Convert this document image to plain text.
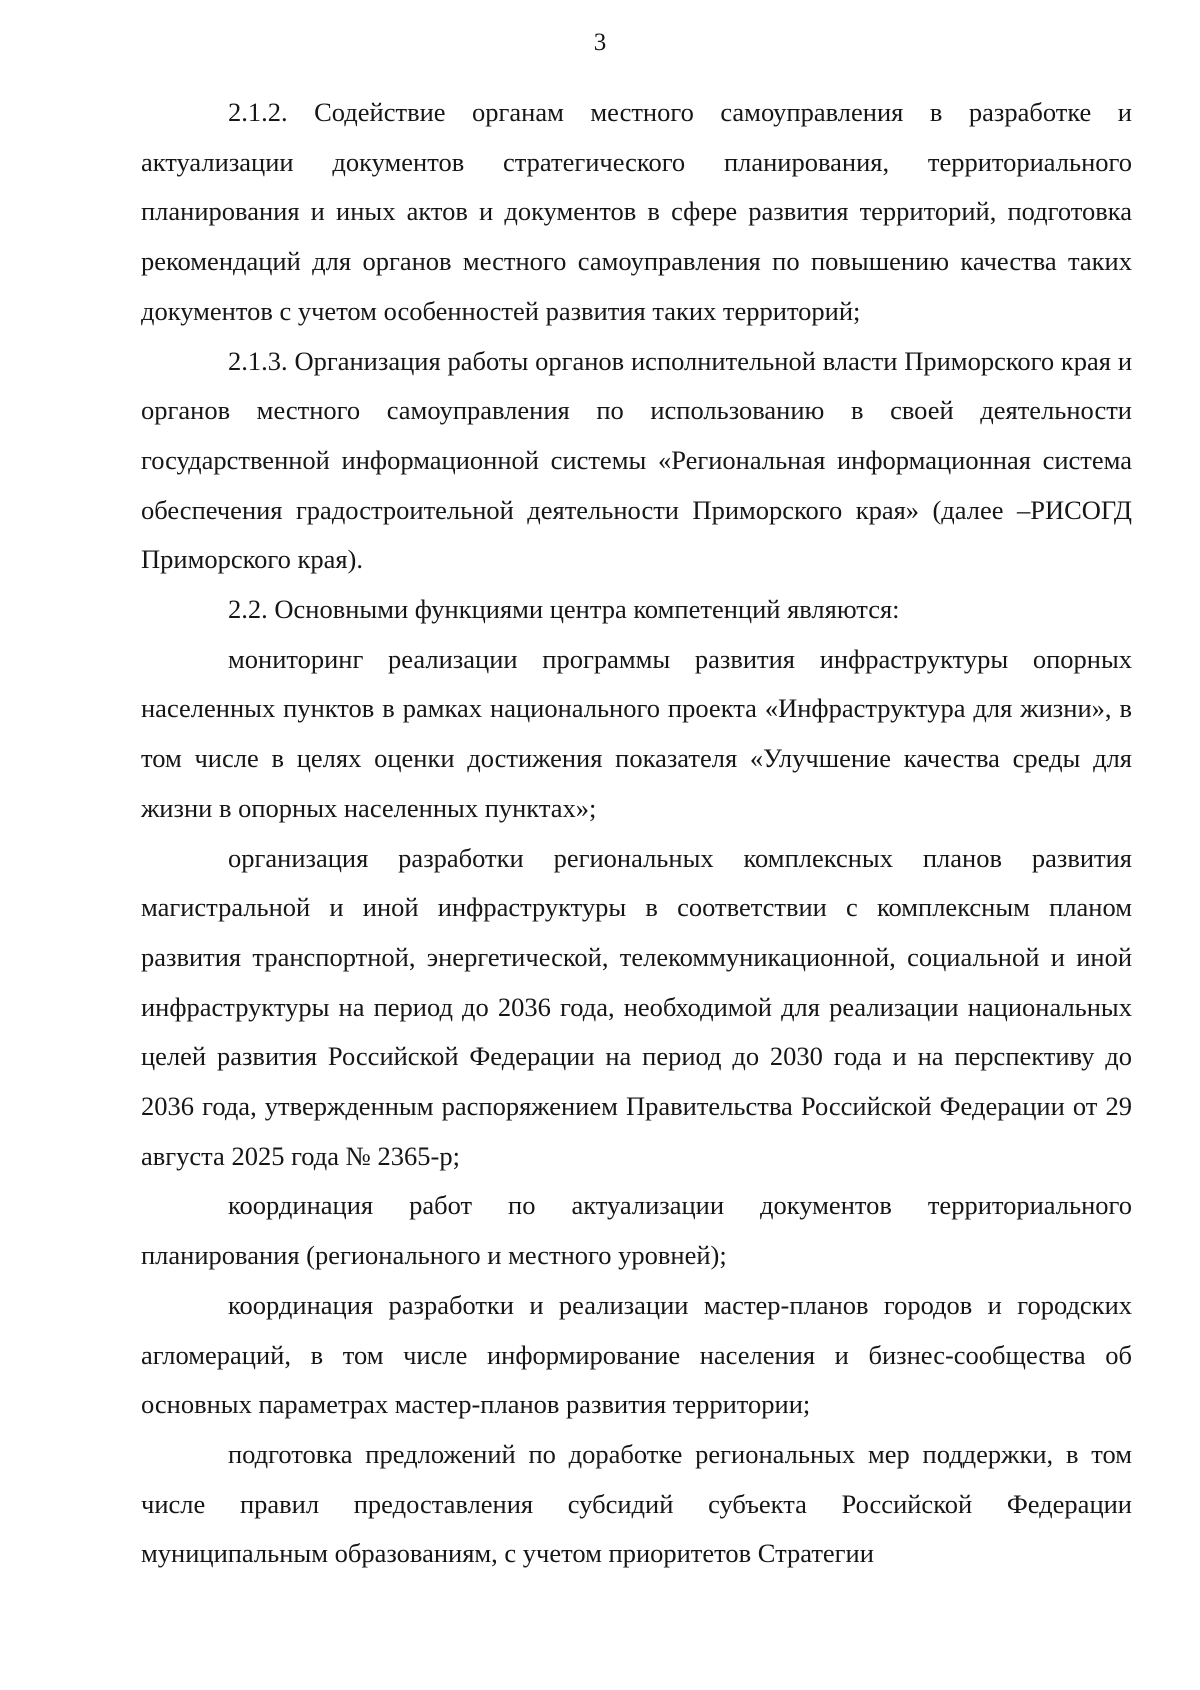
3

2.1.2. Содействие органам местного самоуправления в разработке и актуализации документов стратегического планирования, территориального планирования и иных актов и документов в сфере развития территорий, подготовка рекомендаций для органов местного самоуправления по повышению качества таких документов с учетом особенностей развития таких территорий;

2.1.3. Организация работы органов исполнительной власти Приморского края и органов местного самоуправления по использованию в своей деятельности государственной информационной системы «Региональная информационная система обеспечения градостроительной деятельности Приморского края» (далее –РИСОГД Приморского края).

2.2. Основными функциями центра компетенций являются:

мониторинг реализации программы развития инфраструктуры опорных населенных пунктов в рамках национального проекта «Инфраструктура для жизни», в том числе в целях оценки достижения показателя «Улучшение качества среды для жизни в опорных населенных пунктах»;

организация разработки региональных комплексных планов развития магистральной и иной инфраструктуры в соответствии с комплексным планом развития транспортной, энергетической, телекоммуникационной, социальной и иной инфраструктуры на период до 2036 года, необходимой для реализации национальных целей развития Российской Федерации на период до 2030 года и на перспективу до 2036 года, утвержденным распоряжением Правительства Российской Федерации от 29 августа 2025 года № 2365-р;

координация работ по актуализации документов территориального планирования (регионального и местного уровней);

координация разработки и реализации мастер-планов городов и городских агломераций, в том числе информирование населения и бизнес-сообщества об основных параметрах мастер-планов развития территории;

подготовка предложений по доработке региональных мер поддержки, в том числе правил предоставления субсидий субъекта Российской Федерации муниципальным образованиям, с учетом приоритетов Стратегии
